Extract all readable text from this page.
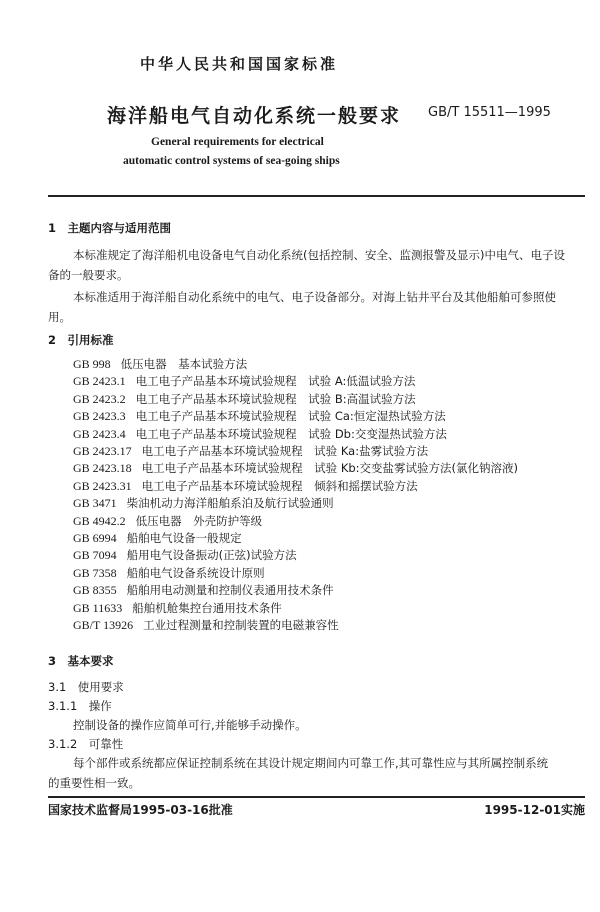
中华人民共和国国家标准
海洋船电气自动化系统一般要求 GB/T 15511—1995
General requirements for electrical
automatic control systems of sea-going ships
1　主题内容与适用范围
本标准规定了海洋船机电设备电气自动化系统(包括控制、安全、监测报警及显示)中电气、电子设
备的一般要求。
本标准适用于海洋船自动化系统中的电气、电子设备部分。对海上钻井平台及其他船舶可参照使
用。
2　引用标准
GB 998 低压电器　基本试验方法
GB 2423.1 电工电子产品基本环境试验规程　试验 A:低温试验方法
GB 2423.2 电工电子产品基本环境试验规程　试验 B:高温试验方法
GB 2423.3 电工电子产品基本环境试验规程　试验 Ca:恒定湿热试验方法
GB 2423.4 电工电子产品基本环境试验规程　试验 Db:交变湿热试验方法
GB 2423.17 电工电子产品基本环境试验规程　试验 Ka:盐雾试验方法
GB 2423.18 电工电子产品基本环境试验规程　试验 Kb:交变盐雾试验方法(氯化钠溶液)
GB 2423.31 电工电子产品基本环境试验规程　倾斜和摇摆试验方法
GB 3471 柴油机动力海洋船舶系泊及航行试验通则
GB 4942.2 低压电器　外壳防护等级
GB 6994 船舶电气设备一般规定
GB 7094 船用电气设备振动(正弦)试验方法
GB 7358 船舶电气设备系统设计原则
GB 8355 船舶用电动测量和控制仪表通用技术条件
GB 11633 船舶机舱集控台通用技术条件
GB/T 13926 工业过程测量和控制装置的电磁兼容性
3　基本要求
3.1　使用要求
3.1.1　操作
控制设备的操作应简单可行,并能够手动操作。
3.1.2　可靠性
每个部件或系统都应保证控制系统在其设计规定期间内可靠工作,其可靠性应与其所属控制系统
的重要性相一致。
国家技术监督局1995-03-16批准	1995-12-01实施
